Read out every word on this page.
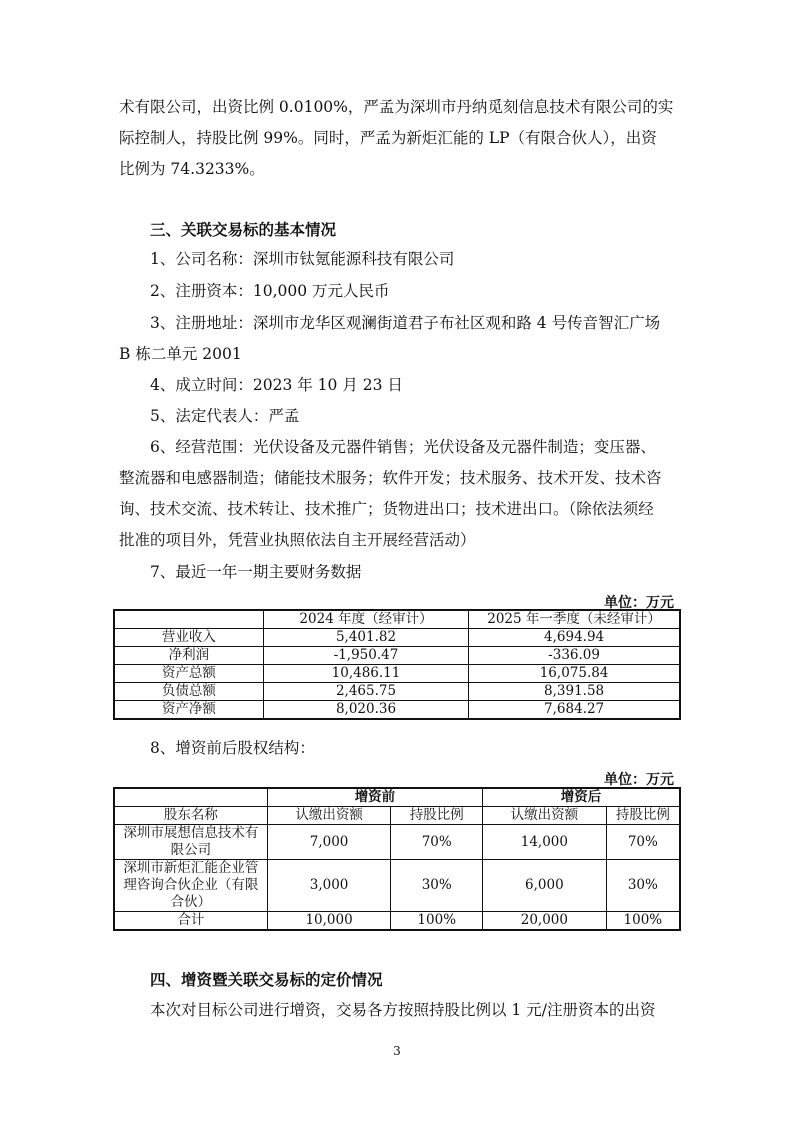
术有限公司，出资比例 0.0100%，严孟为深圳市丹纳觅刻信息技术有限公司的实
际控制人，持股比例 99%。同时，严孟为新炬汇能的 LP（有限合伙人），出资
比例为 74.3233%。
三、关联交易标的基本情况
1、公司名称：深圳市钛氪能源科技有限公司
2、注册资本：10,000 万元人民币
3、注册地址：深圳市龙华区观澜街道君子布社区观和路 4 号传音智汇广场
B 栋二单元 2001
4、成立时间：2023 年 10 月 23 日
5、法定代表人：严孟
6、经营范围：光伏设备及元器件销售；光伏设备及元器件制造；变压器、
整流器和电感器制造；储能技术服务；软件开发；技术服务、技术开发、技术咨
询、技术交流、技术转让、技术推广；货物进出口；技术进出口。（除依法须经
批准的项目外，凭营业执照依法自主开展经营活动）
7、最近一年一期主要财务数据
单位：万元
	2024 年度（经审计）	2025 年一季度（未经审计）
营业收入	5,401.82	4,694.94
净利润	-1,950.47	-336.09
资产总额	10,486.11	16,075.84
负债总额	2,465.75	8,391.58
资产净额	8,020.36	7,684.27
8、增资前后股权结构：
单位：万元
	增资前		增资后	
股东名称	认缴出资额	持股比例	认缴出资额	持股比例

深圳市展想信息技术有
限公司	7,000	70%	14,000	70%

深圳市新炬汇能企业管
理咨询合伙企业（有限
合伙）	3,000	30%	6,000	30%

合计	10,000	100%	20,000	100%
四、增资暨关联交易标的定价情况
本次对目标公司进行增资，交易各方按照持股比例以 1 元/注册资本的出资
3
